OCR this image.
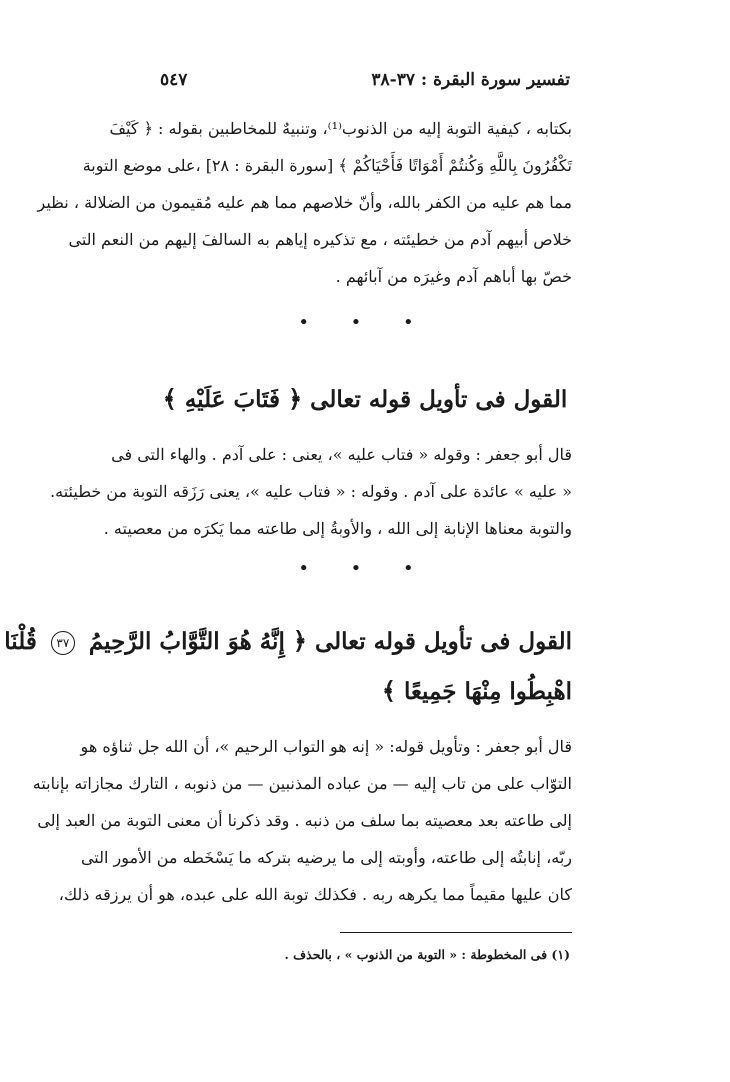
تفسير سورة البقرة : ٣٧-٣٨
٥٤٧
بكتابه ، كيفية التوبة إليه من الذنوب⁽¹⁾، وتنبيهٌ للمخاطبين بقوله : ﴿ كَيْفَ
تَكْفُرُونَ بِاللَّهِ وَكُنتُمْ أَمْوَاتًا فَأَحْيَاكُمْ ﴾ [سورة البقرة : ٢٨] ،على موضع التوبة
مما هم عليه من الكفر بالله، وأنّ خلاصهم مما هم عليه مُقيمون من الضلالة ، نظير
خلاص أبيهم آدم من خطيئته ، مع تذكيره إياهم به السالفَ إليهم من النعم التى
خصّ بها أباهم آدم وغيرَه من آبائهم .
• • •
القول فى تأويل قوله تعالى ﴿ فَتَابَ عَلَيْهِ ﴾
قال أبو جعفر : وقوله « فتاب عليه »، يعنى : على آدم . والهاء التى فى
« عليه » عائدة على آدم . وقوله : « فتاب عليه »، يعنى رَزَقه التوبة من خطيئته.
والتوبة معناها الإنابة إلى الله ، والأوبةُ إلى طاعته مما يَكرَه من معصيته .
• • •
القول فى تأويل قوله تعالى ﴿ إِنَّهُ هُوَ التَّوَّابُ الرَّحِيمُ ٣٧ قُلْنَا
اهْبِطُوا مِنْهَا جَمِيعًا ﴾
قال أبو جعفر : وتأويل قوله: « إنه هو التواب الرحيم »، أن الله جل ثناؤه هو
التوّاب على من تاب إليه — من عباده المذنبين — من ذنوبه ، التارك مجازاته بإنابته
إلى طاعته بعد معصيته بما سلف من ذنبه . وقد ذكرنا أن معنى التوبة من العبد إلى
ربّه، إنابتُه إلى طاعته، وأوبته إلى ما يرضيه بتركه ما يَسْخَطه من الأمور التى
كان عليها مقيماً مما يكرهه ربه . فكذلك توبة الله على عبده، هو أن يرزقه ذلك،
(١) فى المخطوطة : « التوبة من الذنوب » ، بالحذف .
